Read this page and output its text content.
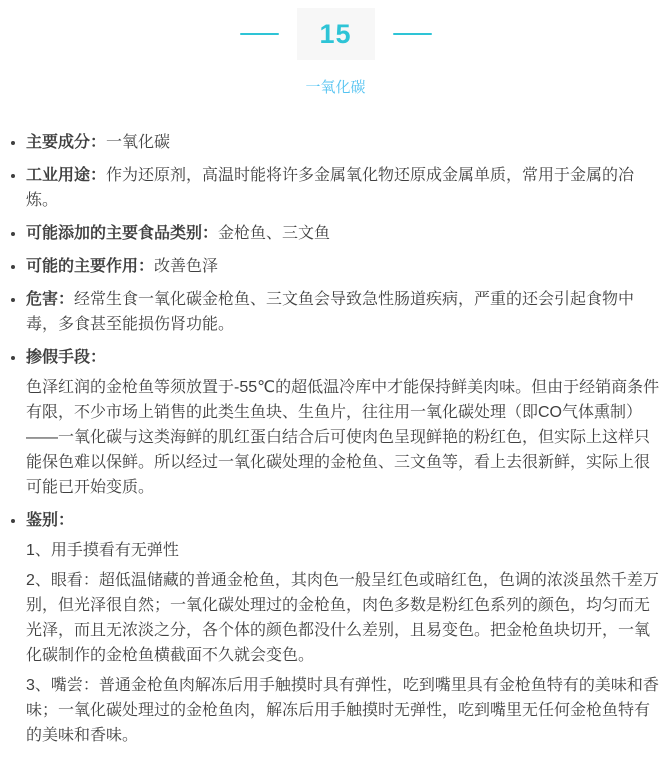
15
一氧化碳
• 主要成分：一氧化碳
• 工业用途：作为还原剂，高温时能将许多金属氧化物还原成金属单质，常用于金属的冶炼。
• 可能添加的主要食品类别：金枪鱼、三文鱼
• 可能的主要作用：改善色泽
• 危害：经常生食一氧化碳金枪鱼、三文鱼会导致急性肠道疾病，严重的还会引起食物中毒，多食甚至能损伤肾功能。
• 掺假手段：

色泽红润的金枪鱼等须放置于-55℃的超低温冷库中才能保持鲜美肉味。但由于经销商条件有限，不少市场上销售的此类生鱼块、生鱼片，往往用一氧化碳处理（即CO气体熏制）——一氧化碳与这类海鲜的肌红蛋白结合后可使肉色呈现鲜艳的粉红色，但实际上这样只能保色难以保鲜。所以经过一氧化碳处理的金枪鱼、三文鱼等，看上去很新鲜，实际上很可能已开始变质。

• 鉴别：

1、用手摸看有无弹性

2、眼看：超低温储藏的普通金枪鱼，其肉色一般呈红色或暗红色，色调的浓淡虽然千差万别，但光泽很自然；一氧化碳处理过的金枪鱼，肉色多数是粉红色系列的颜色，均匀而无光泽，而且无浓淡之分，各个体的颜色都没什么差别，且易变色。把金枪鱼块切开，一氧化碳制作的金枪鱼横截面不久就会变色。

3、嘴尝：普通金枪鱼肉解冻后用手触摸时具有弹性，吃到嘴里具有金枪鱼特有的美味和香味；一氧化碳处理过的金枪鱼肉，解冻后用手触摸时无弹性，吃到嘴里无任何金枪鱼特有的美味和香味。
